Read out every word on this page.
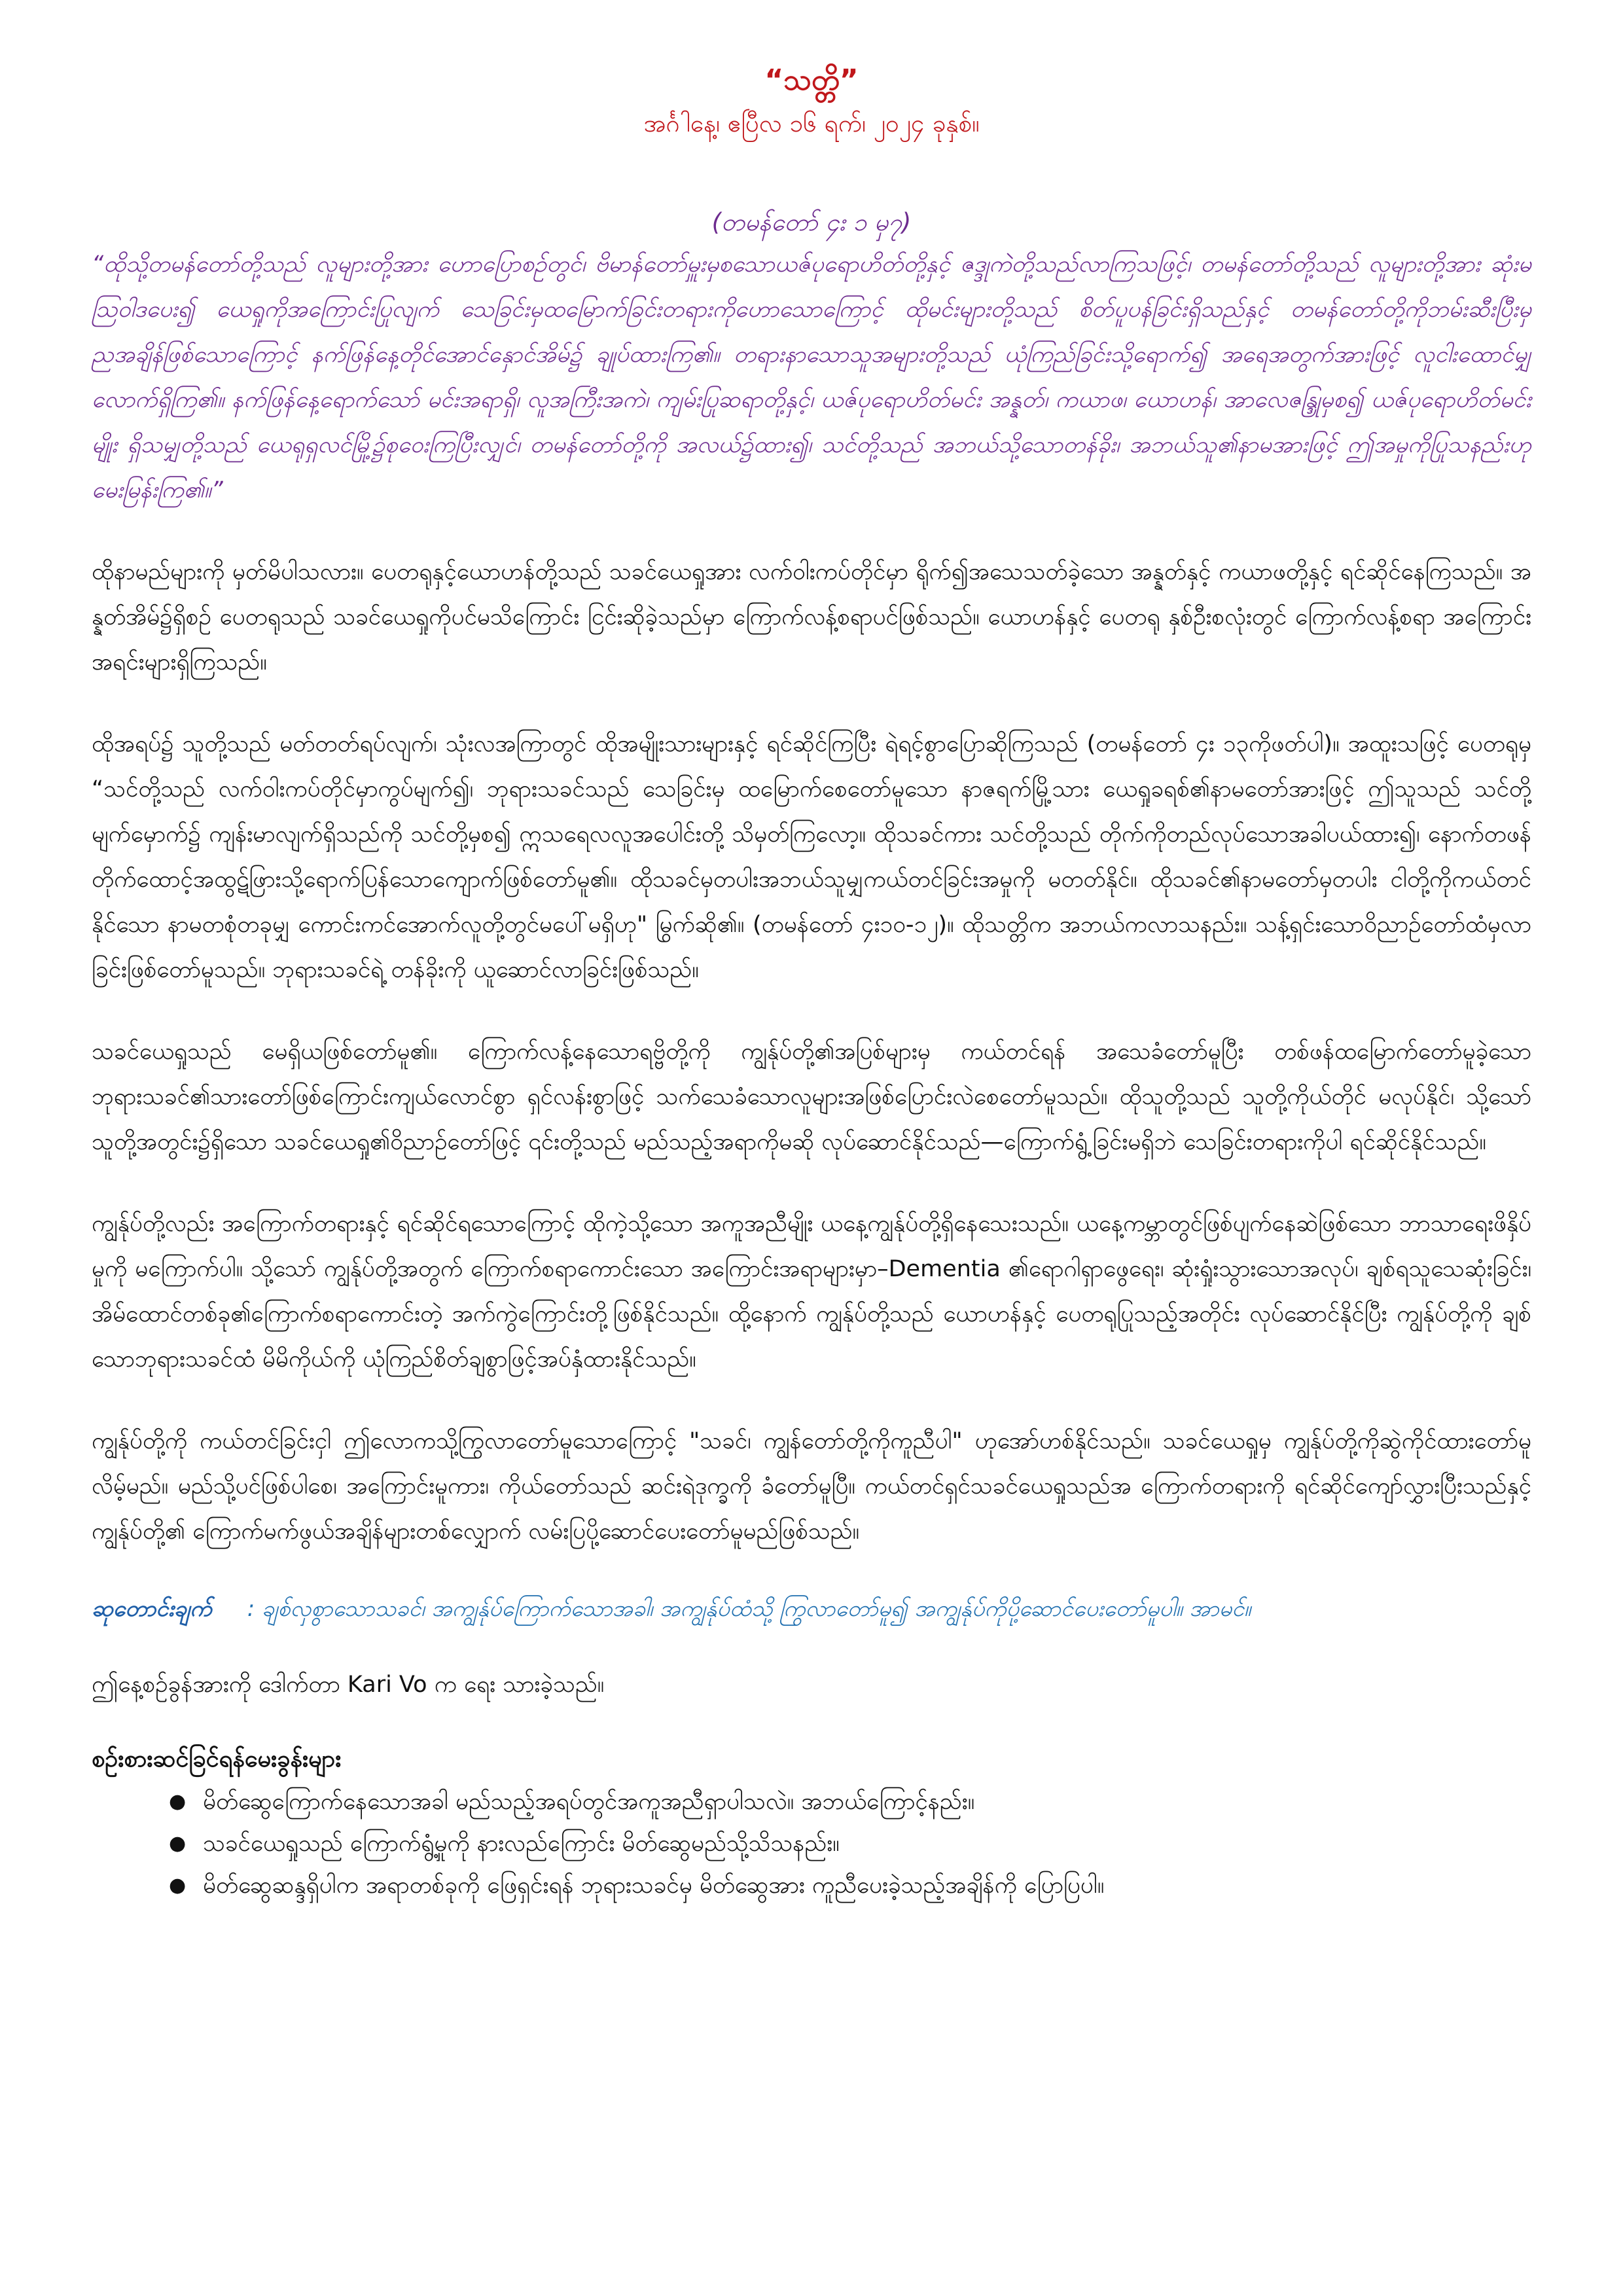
“သတ္တိ”
အင်္ဂါနေ့၊ ဧပြီလ ၁၆ ရက်၊ ၂၀၂၄ ခုနှစ်။
(တမန်တော် ၄း ၁ မှ၇)
“ထိုသို့တမန်တော်တို့သည် လူများတို့အား ဟောပြောစဉ်တွင်၊ ဗိမာန်တော်မှူးမှစသောယဇ်ပုရောဟိတ်တို့နှင့် ဇဒ္ဒုကဲတို့သည်လာကြသဖြင့်၊ တမန်တော်တို့သည် လူများတို့အား ဆုံးမသြဝါဒပေး၍ ယေရှုကိုအကြောင်းပြုလျက် သေခြင်းမှထမြောက်ခြင်းတရားကိုဟောသောကြောင့် ထိုမင်းများတို့သည် စိတ်ပူပန်ခြင်းရှိသည်နှင့် တမန်တော်တို့ကိုဘမ်းဆီးပြီးမှ ညအချိန်ဖြစ်သောကြောင့် နက်ဖြန်နေ့တိုင်အောင်နှောင်အိမ်၌ ချုပ်ထားကြ၏။ တရားနာသောသူအများတို့သည် ယုံကြည်ခြင်းသို့ရောက်၍ အရေအတွက်အားဖြင့် လူငါးထောင်မျှလောက်ရှိကြ၏။ နက်ဖြန်နေ့ရောက်သော် မင်းအရာရှိ၊ လူအကြီးအကဲ၊ ကျမ်းပြုဆရာတို့နှင့်၊ ယဇ်ပုရောဟိတ်မင်း အန္နတ်၊ ကယာဖ၊ ယောဟန်၊ အာလေဇန္ဒြုမှစ၍ ယဇ်ပုရောဟိတ်မင်းမျိုး ရှိသမျှတို့သည် ယေရုရှလင်မြို့၌စုဝေးကြပြီးလျှင်၊ တမန်တော်တို့ကို အလယ်၌ထား၍၊ သင်တို့သည် အဘယ်သို့သောတန်ခိုး၊ အဘယ်သူ၏နာမအားဖြင့် ဤအမှုကိုပြုသနည်းဟု မေးမြန်းကြ၏။”
ထိုနာမည်များကို မှတ်မိပါသလား။ ပေတရုနှင့်ယောဟန်တို့သည် သခင်ယေရှုအား လက်ဝါးကပ်တိုင်မှာ ရိုက်၍အသေသတ်ခဲ့သော အန္နတ်နှင့် ကယာဖတို့နှင့် ရင်ဆိုင်နေကြသည်။ အန္နတ်အိမ်၌ရှိစဉ် ပေတရုသည် သခင်ယေရှုကိုပင်မသိကြောင်း ငြင်းဆိုခဲ့သည်မှာ ကြောက်လန့်စရာပင်ဖြစ်သည်။ ယောဟန်နှင့် ပေတရု နှစ်ဦးစလုံးတွင် ကြောက်လန့်စရာ အကြောင်းအရင်းများရှိကြသည်။
ထိုအရပ်၌ သူတို့သည် မတ်တတ်ရပ်လျက်၊ သုံးလအကြာတွင် ထိုအမျိုးသားများနှင့် ရင်ဆိုင်ကြပြီး ရဲရင့်စွာပြောဆိုကြသည် (တမန်တော် ၄း ၁၃ကိုဖတ်ပါ)။ အထူးသဖြင့် ပေတရုမှ “သင်တို့သည် လက်ဝါးကပ်တိုင်မှာကွပ်မျက်၍၊ ဘုရားသခင်သည် သေခြင်းမှ ထမြောက်စေတော်မူသော နာဇရက်မြို့သား ယေရှုခရစ်၏နာမတော်အားဖြင့် ဤသူသည် သင်တို့မျက်မှောက်၌ ကျန်းမာလျက်ရှိသည်ကို သင်တို့မှစ၍ ဣသရေလလူအပေါင်းတို့ သိမှတ်ကြလော့။ ထိုသခင်ကား သင်တို့သည် တိုက်ကိုတည်လုပ်သောအခါပယ်ထား၍၊ နောက်တဖန် တိုက်ထောင့်အထွဋ်ဖြားသို့ရောက်ပြန်သောကျောက်ဖြစ်တော်မူ၏။ ထိုသခင်မှတပါးအဘယ်သူမျှကယ်တင်ခြင်းအမှုကို မတတ်နိုင်။ ထိုသခင်၏နာမတော်မှတပါး ငါတို့ကိုကယ်တင်နိုင်သော နာမတစုံတခုမျှ ကောင်းကင်အောက်လူတို့တွင်မပေါ်မရှိဟု" မြွက်ဆို၏။ (တမန်တော် ၄း၁၀-၁၂)။ ထိုသတ္တိက အဘယ်ကလာသနည်း။ သန့်ရှင်းသောဝိညာဉ်တော်ထံမှလာခြင်းဖြစ်တော်မူသည်။ ဘုရားသခင်ရဲ့ တန်ခိုးကို ယူဆောင်လာခြင်းဖြစ်သည်။
သခင်ယေရှုသည် မေရှိယဖြစ်တော်မူ၏။ ကြောက်လန့်နေသောရဗ္ဗိတို့ကို ကျွန်ုပ်တို့၏အပြစ်များမှ ကယ်တင်ရန် အသေခံတော်မူပြီး တစ်ဖန်ထမြောက်တော်မူခဲ့သော ဘုရားသခင်၏သားတော်ဖြစ်ကြောင်းကျယ်လောင်စွာ ရှင်လန်းစွာဖြင့် သက်သေခံသောလူများအဖြစ်ပြောင်းလဲစေတော်မူသည်။ ထိုသူတို့သည် သူတို့ကိုယ်တိုင် မလုပ်နိုင်၊ သို့သော် သူတို့အတွင်း၌ရှိသော သခင်ယေရှု၏ဝိညာဉ်တော်ဖြင့် ၎င်းတို့သည် မည်သည့်အရာကိုမဆို လုပ်ဆောင်နိုင်သည်—ကြောက်ရွံ့ခြင်းမရှိဘဲ သေခြင်းတရားကိုပါ ရင်ဆိုင်နိုင်သည်။
ကျွန်ုပ်တို့လည်း အကြောက်တရားနှင့် ရင်ဆိုင်ရသောကြောင့် ထိုကဲ့သို့သော အကူအညီမျိုး ယနေ့ကျွန်ုပ်တို့ရှိနေသေးသည်။ ယနေ့ကမ္ဘာတွင်ဖြစ်ပျက်နေဆဲဖြစ်သော ဘာသာရေးဖိနှိပ်မှုကို မကြောက်ပါ။ သို့သော် ကျွန်ုပ်တို့အတွက် ကြောက်စရာကောင်းသော အကြောင်းအရာများမှာ–Dementia ၏ရောဂါရှာဖွေရေး၊ ဆုံးရှုံးသွားသောအလုပ်၊ ချစ်ရသူသေဆုံးခြင်း၊ အိမ်ထောင်တစ်ခု၏ကြောက်စရာကောင်းတဲ့ အက်ကွဲကြောင်းတို့ဖြစ်နိုင်သည်။ ထို့နောက် ကျွန်ုပ်တို့သည် ယောဟန်နှင့် ပေတရုပြုသည့်အတိုင်း လုပ်ဆောင်နိုင်ပြီး ကျွန်ုပ်တို့ကို ချစ်သောဘုရားသခင်ထံ မိမိကိုယ်ကို ယုံကြည်စိတ်ချစွာဖြင့်အပ်နှံထားနိုင်သည်။
ကျွန်ုပ်တို့ကို ကယ်တင်ခြင်းငှါ ဤလောကသို့ကြွလာတော်မူသောကြောင့် "သခင်၊ ကျွန်တော်တို့ကိုကူညီပါ" ဟုအော်ဟစ်နိုင်သည်။ သခင်ယေရှုမှ ကျွန်ုပ်တို့ကိုဆွဲကိုင်ထားတော်မူလိမ့်မည်။ မည်သို့ပင်ဖြစ်ပါစေ၊ အကြောင်းမူကား၊ ကိုယ်တော်သည် ဆင်းရဲဒုက္ခကို ခံတော်မူပြီ။ ကယ်တင်ရှင်သခင်ယေရှုသည်အ ကြောက်တရားကို ရင်ဆိုင်ကျော်လွှားပြီးသည်နှင့် ကျွန်ုပ်တို့၏ ကြောက်မက်ဖွယ်အချိန်များတစ်လျှောက် လမ်းပြပို့ဆောင်ပေးတော်မူမည်ဖြစ်သည်။
ဆုတောင်းချက် : ချစ်လှစွာသောသခင်၊ အကျွန်ုပ်ကြောက်သောအခါ၊ အကျွန်ုပ်ထံသို့ ကြွလာတော်မူ၍ အကျွန်ုပ်ကိုပို့ဆောင်ပေးတော်မူပါ။ အာမင်။
ဤနေ့စဉ်ခွန်အားကို ဒေါက်တာ Kari Vo က ရေး သားခဲ့သည်။
စဉ်းစားဆင်ခြင်ရန်မေးခွန်းများ
● မိတ်ဆွေကြောက်နေသောအခါ မည်သည့်အရပ်တွင်အကူအညီရှာပါသလဲ။ အဘယ်ကြောင့်နည်း။
● သခင်ယေရှုသည် ကြောက်ရွံ့မှုကို နားလည်ကြောင်း မိတ်ဆွေမည်သို့သိသနည်း။
● မိတ်ဆွေဆန္ဒရှိပါက အရာတစ်ခုကို ဖြေရှင်းရန် ဘုရားသခင်မှ မိတ်ဆွေအား ကူညီပေးခဲ့သည့်အချိန်ကို ပြောပြပါ။
